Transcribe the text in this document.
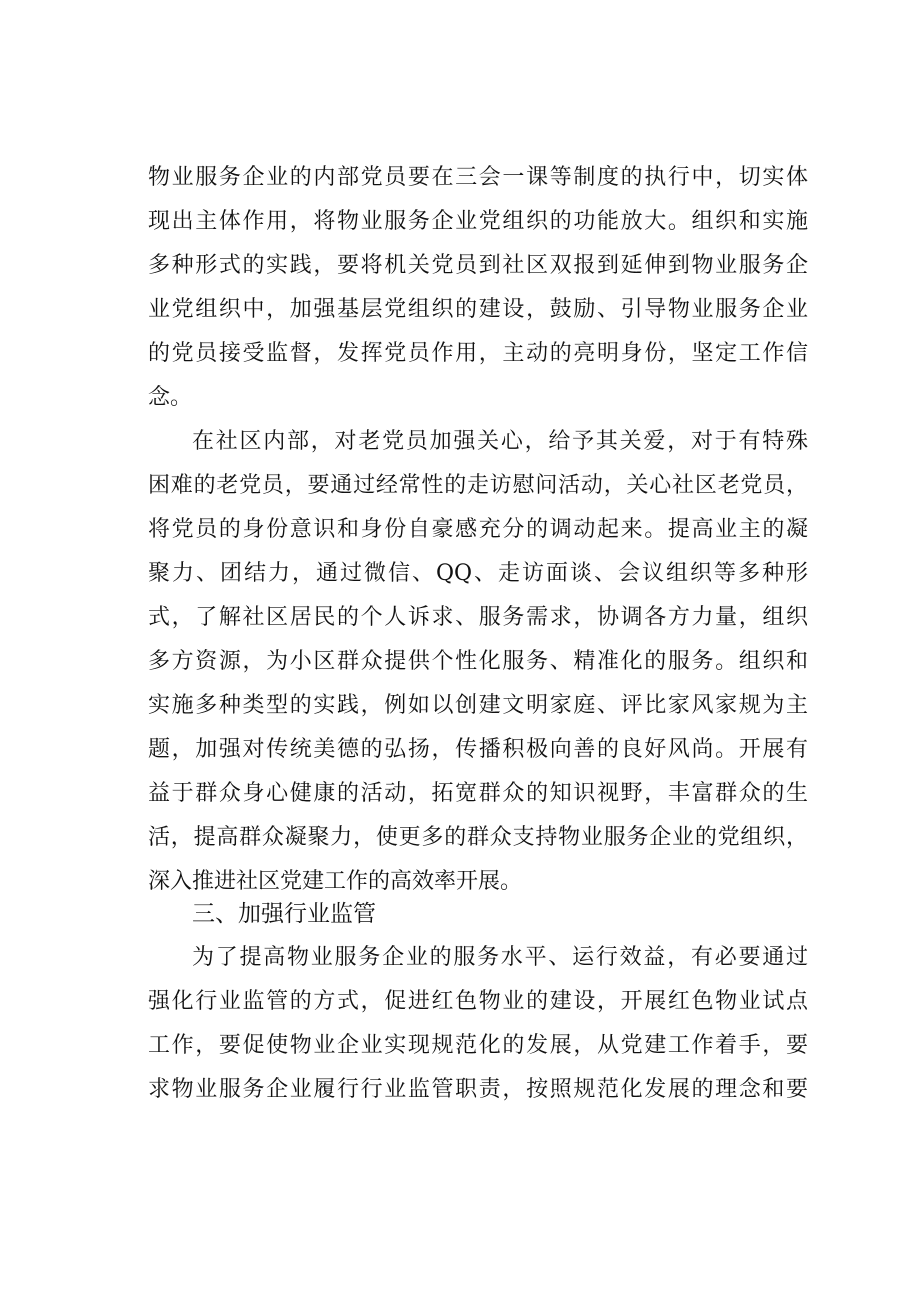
物业服务企业的内部党员要在三会一课等制度的执行中，切实体
现出主体作用，将物业服务企业党组织的功能放大。组织和实施
多种形式的实践，要将机关党员到社区双报到延伸到物业服务企
业党组织中，加强基层党组织的建设，鼓励、引导物业服务企业
的党员接受监督，发挥党员作用，主动的亮明身份，坚定工作信
念。
在社区内部，对老党员加强关心，给予其关爱，对于有特殊
困难的老党员，要通过经常性的走访慰问活动，关心社区老党员，
将党员的身份意识和身份自豪感充分的调动起来。提高业主的凝
聚力、团结力，通过微信、QQ、走访面谈、会议组织等多种形
式，了解社区居民的个人诉求、服务需求，协调各方力量，组织
多方资源，为小区群众提供个性化服务、精准化的服务。组织和
实施多种类型的实践，例如以创建文明家庭、评比家风家规为主
题，加强对传统美德的弘扬，传播积极向善的良好风尚。开展有
益于群众身心健康的活动，拓宽群众的知识视野，丰富群众的生
活，提高群众凝聚力，使更多的群众支持物业服务企业的党组织，
深入推进社区党建工作的高效率开展。
三、加强行业监管
为了提高物业服务企业的服务水平、运行效益，有必要通过
强化行业监管的方式，促进红色物业的建设，开展红色物业试点
工作，要促使物业企业实现规范化的发展，从党建工作着手，要
求物业服务企业履行行业监管职责，按照规范化发展的理念和要
